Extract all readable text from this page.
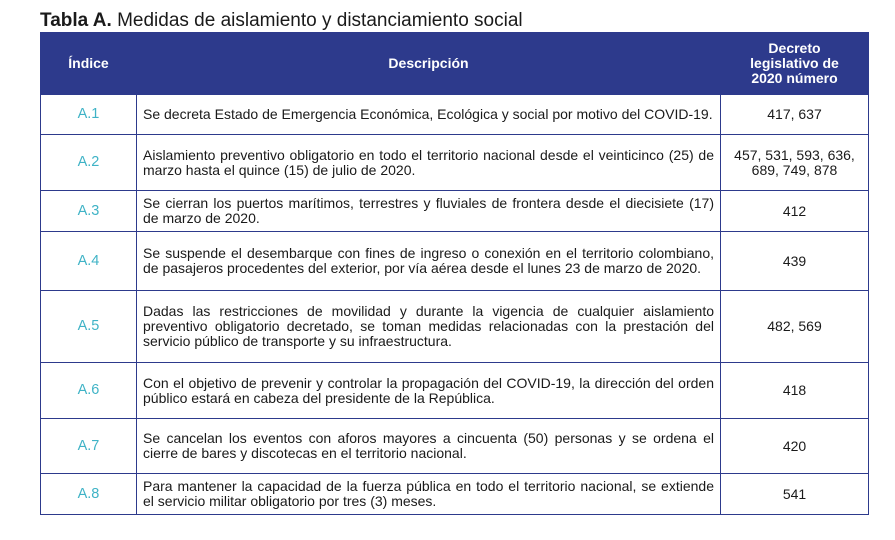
Tabla A. Medidas de aislamiento y distanciamiento social
Índice	Descripción	Decreto
legislativo de
2020 número

A.1	Se decreta Estado de Emergencia Económica, Ecológica y social por motivo del COVID-19.	417, 637
A.2	Aislamiento preventivo obligatorio en todo el territorio nacional desde el veinticinco (25) de marzo hasta el quince (15) de julio de 2020.	457, 531, 593, 636, 689, 749, 878
A.3	Se cierran los puertos marítimos, terrestres y fluviales de frontera desde el diecisiete (17) de marzo de 2020.	412
A.4	Se suspende el desembarque con fines de ingreso o conexión en el territorio colombiano, de pasajeros procedentes del exterior, por vía aérea desde el lunes 23 de marzo de 2020.	439
A.5	Dadas las restricciones de movilidad y durante la vigencia de cualquier aislamiento preventivo obligatorio decretado, se toman medidas relacionadas con la prestación del servicio público de transporte y su infraestructura.	482, 569
A.6	Con el objetivo de prevenir y controlar la propagación del COVID-19, la dirección del orden público estará en cabeza del presidente de la República.	418
A.7	Se cancelan los eventos con aforos mayores a cincuenta (50) personas y se ordena el cierre de bares y discotecas en el territorio nacional.	420
A.8	Para mantener la capacidad de la fuerza pública en todo el territorio nacional, se extiende el servicio militar obligatorio por tres (3) meses.	541
